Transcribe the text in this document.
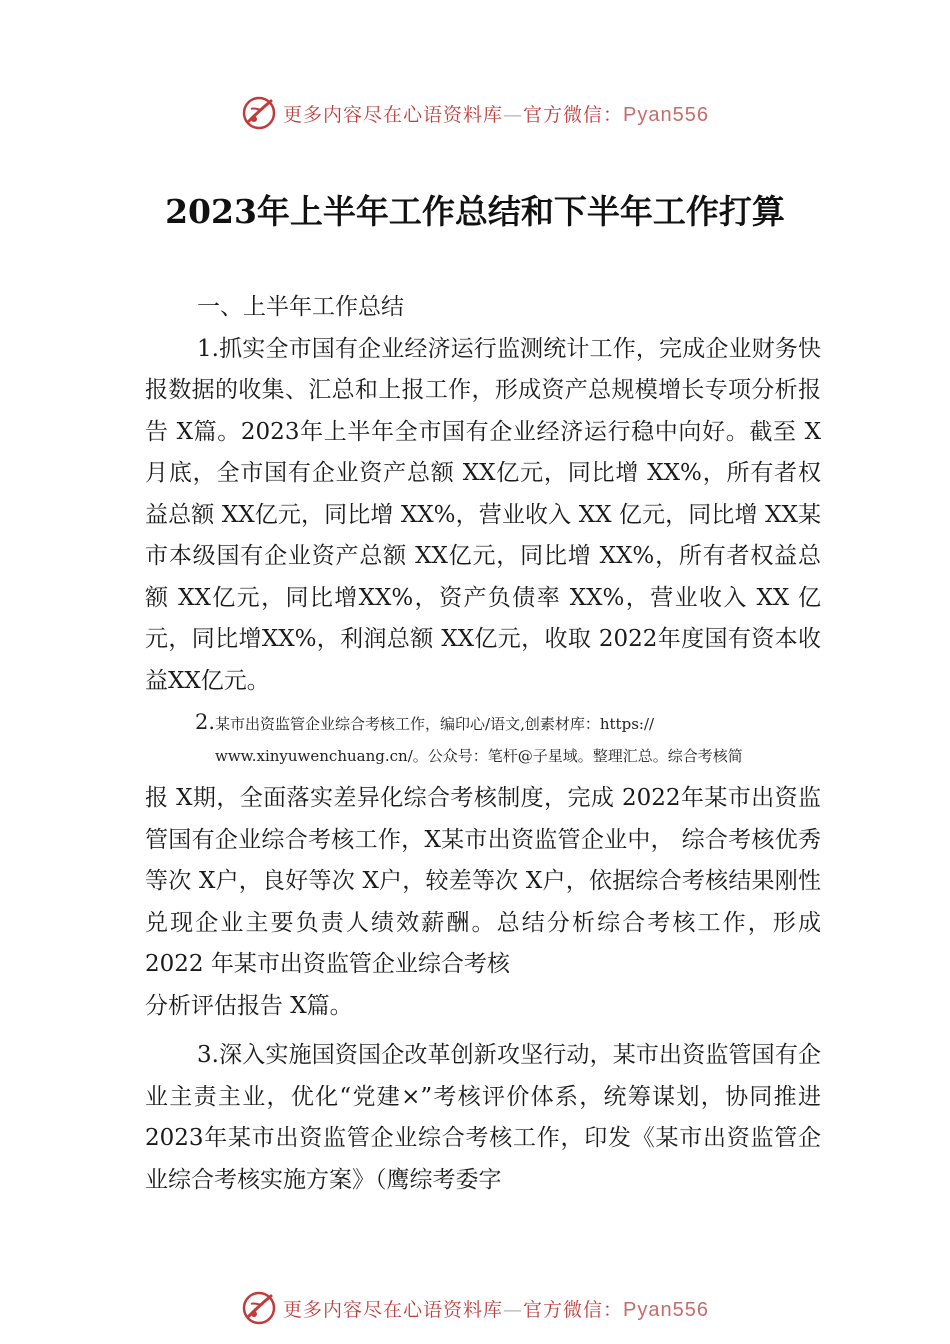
更多内容尽在心语资料库—官方微信：Pyan556
2023年上半年工作总结和下半年工作打算

一、上半年工作总结

1.抓实全市国有企业经济运行监测统计工作，完成企业财务快报数据的收集、汇总和上报工作，形成资产总规模增长专项分析报告 X篇。2023年上半年全市国有企业经济运行稳中向好。截至 X月底，全市国有企业资产总额 XX亿元，同比增 XX%，所有者权益总额 XX亿元，同比增 XX%，营业收入 XX 亿元，同比增 XX某市本级国有企业资产总额 XX亿元，同比增 XX%，所有者权益总额 XX亿元，同比增XX%，资产负债率 XX%，营业收入 XX 亿元，同比增XX%，利润总额 XX亿元，收取 2022年度国有资本收益XX亿元。

2.某市出资监管企业综合考核工作，编印心/语文,创素材库：https://
www.xinyuwenchuang.cn/。公众号：笔杆@子星域。整理汇总。综合考核简

报 X期，全面落实差异化综合考核制度，完成 2022年某市出资监管国有企业综合考核工作，X某市出资监管企业中， 综合考核优秀等次 X户，良好等次 X户，较差等次 X户，依据综合考核结果刚性兑现企业主要负责人绩效薪酬。总结分析综合考核工作，形成 2022 年某市出资监管企业综合考核

分析评估报告 X篇。

3.深入实施国资国企改革创新攻坚行动，某市出资监管国有企业主责主业，优化“党建×”考核评价体系，统筹谋划，协同推进 2023年某市出资监管企业综合考核工作，印发《某市出资监管企业综合考核实施方案》（鹰综考委字

更多内容尽在心语资料库—官方微信：Pyan556
